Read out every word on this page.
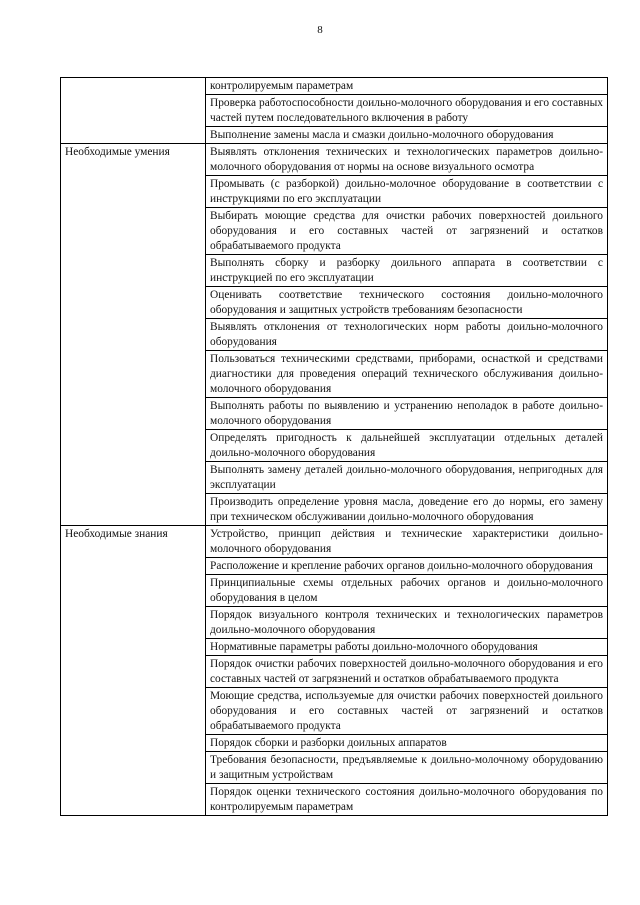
8

	контролируемым параметрам

	Проверка работоспособности доильно-молочного оборудования и его составных частей путем последовательного включения в работу

	Выполнение замены масла и смазки доильно-молочного оборудования

Необходимые умения	Выявлять отклонения технических и технологических параметров доильно-молочного оборудования от нормы на основе визуального осмотра

	Промывать (с разборкой) доильно-молочное оборудование в соответствии с инструкциями по его эксплуатации

	Выбирать моющие средства для очистки рабочих поверхностей доильного оборудования и его составных частей от загрязнений и остатков обрабатываемого продукта

	Выполнять сборку и разборку доильного аппарата в соответствии с инструкцией по его эксплуатации

	Оценивать соответствие технического состояния доильно-молочного оборудования и защитных устройств требованиям безопасности

	Выявлять отклонения от технологических норм работы доильно-молочного оборудования

	Пользоваться техническими средствами, приборами, оснасткой и средствами диагностики для проведения операций технического обслуживания доильно-молочного оборудования

	Выполнять работы по выявлению и устранению неполадок в работе доильно-молочного оборудования

	Определять пригодность к дальнейшей эксплуатации отдельных деталей доильно-молочного оборудования

	Выполнять замену деталей доильно-молочного оборудования, непригодных для эксплуатации

	Производить определение уровня масла, доведение его до нормы, его замену при техническом обслуживании доильно-молочного оборудования

Необходимые знания	Устройство, принцип действия и технические характеристики доильно-молочного оборудования

	Расположение и крепление рабочих органов доильно-молочного оборудования

	Принципиальные схемы отдельных рабочих органов и доильно-молочного оборудования в целом

	Порядок визуального контроля технических и технологических параметров доильно-молочного оборудования

	Нормативные параметры работы доильно-молочного оборудования

	Порядок очистки рабочих поверхностей доильно-молочного оборудования и его составных частей от загрязнений и остатков обрабатываемого продукта

	Моющие средства, используемые для очистки рабочих поверхностей доильного оборудования и его составных частей от загрязнений и остатков обрабатываемого продукта

	Порядок сборки и разборки доильных аппаратов

	Требования безопасности, предъявляемые к доильно-молочному оборудованию и защитным устройствам

	Порядок оценки технического состояния доильно-молочного оборудования по контролируемым параметрам
